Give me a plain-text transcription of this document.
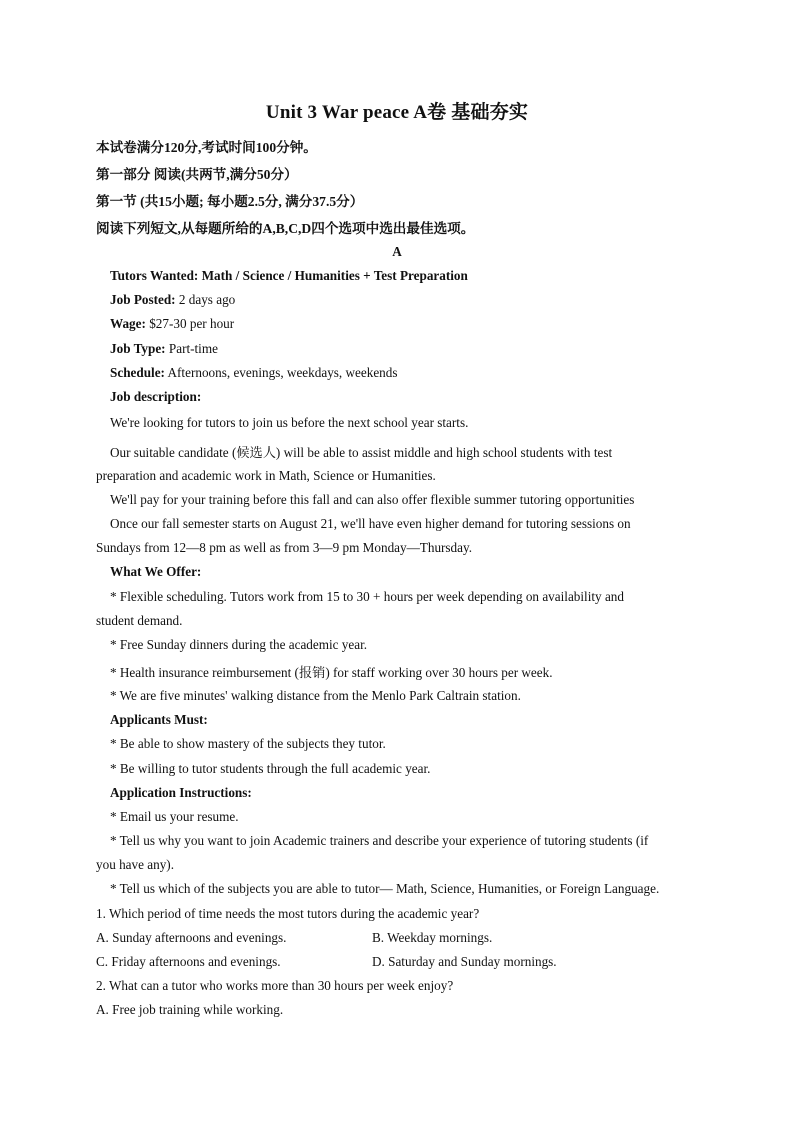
Unit 3 War peace A卷 基础夯实
本试卷满分120分,考试时间100分钟。
第一部分 阅读(共两节,满分50分）
第一节 (共15小题; 每小题2.5分, 满分37.5分）
阅读下列短文,从每题所给的A,B,C,D四个选项中选出最佳选项。
A
Tutors Wanted: Math / Science / Humanities + Test Preparation
Job Posted: 2 days ago
Wage: $27-30 per hour
Job Type: Part-time
Schedule: Afternoons, evenings, weekdays, weekends
Job description:
We're looking for tutors to join us before the next school year starts.
Our suitable candidate (候选人) will be able to assist middle and high school students with test
preparation and academic work in Math, Science or Humanities.
We'll pay for your training before this fall and can also offer flexible summer tutoring opportunities
Once our fall semester starts on August 21, we'll have even higher demand for tutoring sessions on
Sundays from 12—8 pm as well as from 3—9 pm Monday—Thursday.
What We Offer:
* Flexible scheduling. Tutors work from 15 to 30 + hours per week depending on availability and
student demand.
* Free Sunday dinners during the academic year.
* Health insurance reimbursement (报销) for staff working over 30 hours per week.
* We are five minutes' walking distance from the Menlo Park Caltrain station.
Applicants Must:
* Be able to show mastery of the subjects they tutor.
* Be willing to tutor students through the full academic year.
Application Instructions:
* Email us your resume.
* Tell us why you want to join Academic trainers and describe your experience of tutoring students (if
you have any).
* Tell us which of the subjects you are able to tutor— Math, Science, Humanities, or Foreign Language.
1. Which period of time needs the most tutors during the academic year?
A. Sunday afternoons and evenings.	B. Weekday mornings.
C. Friday afternoons and evenings.	D. Saturday and Sunday mornings.
2. What can a tutor who works more than 30 hours per week enjoy?
A. Free job training while working.
